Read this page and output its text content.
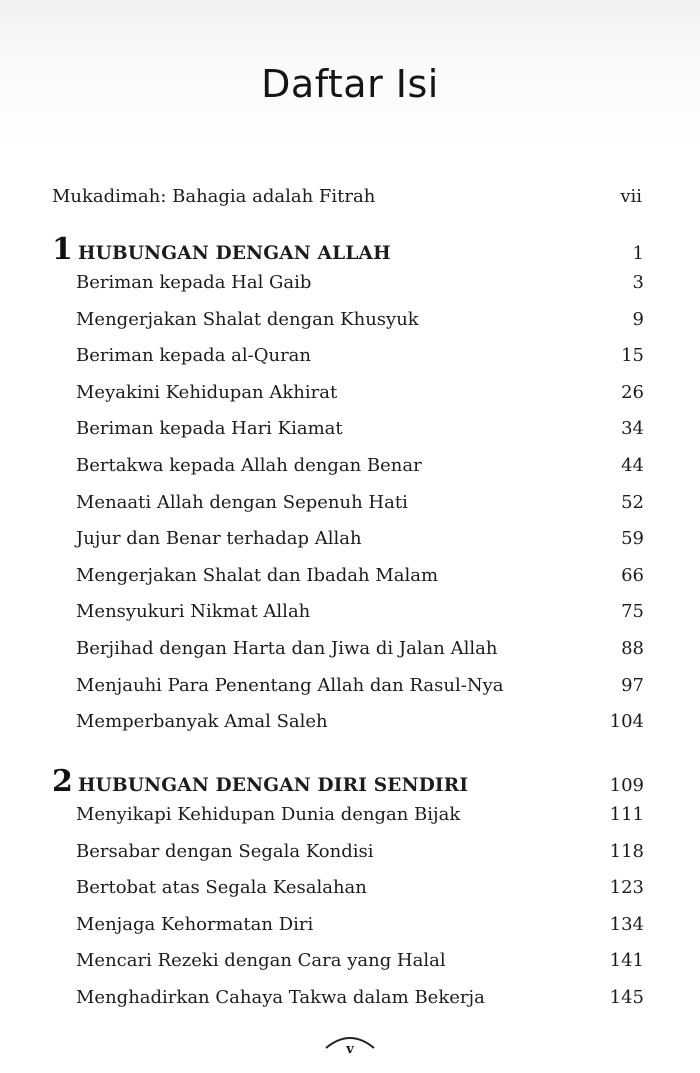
Daftar Isi
Mukadimah: Bahagia adalah Fitrah	vii
1 HUBUNGAN DENGAN ALLAH	1
Beriman kepada Hal Gaib	3
Mengerjakan Shalat dengan Khusyuk	9
Beriman kepada al-Quran	15
Meyakini Kehidupan Akhirat	26
Beriman kepada Hari Kiamat	34
Bertakwa kepada Allah dengan Benar	44
Menaati Allah dengan Sepenuh Hati	52
Jujur dan Benar terhadap Allah	59
Mengerjakan Shalat dan Ibadah Malam	66
Mensyukuri Nikmat Allah	75
Berjihad dengan Harta dan Jiwa di Jalan Allah	88
Menjauhi Para Penentang Allah dan Rasul-Nya	97
Memperbanyak Amal Saleh	104
2 HUBUNGAN DENGAN DIRI SENDIRI	109
Menyikapi Kehidupan Dunia dengan Bijak	111
Bersabar dengan Segala Kondisi	118
Bertobat atas Segala Kesalahan	123
Menjaga Kehormatan Diri	134
Mencari Rezeki dengan Cara yang Halal	141
Menghadirkan Cahaya Takwa dalam Bekerja	145
v
